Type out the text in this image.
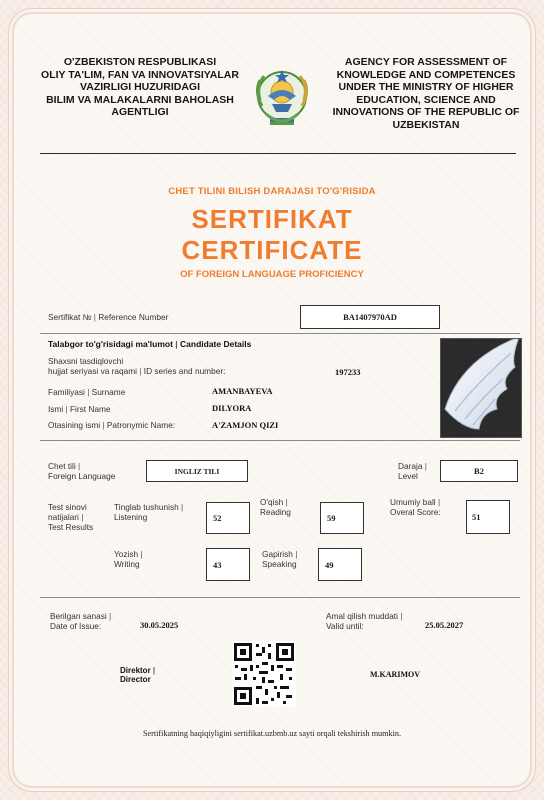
O'ZBEKISTON RESPUBLIKASI
OLIY TA'LIM, FAN VA INNOVATSIYALAR
VAZIRLIGI HUZURIDAGI
BILIM VA MALAKALARNI BAHOLASH
AGENTLIGI
AGENCY FOR ASSESSMENT OF
KNOWLEDGE AND COMPETENCES
UNDER THE MINISTRY OF HIGHER
EDUCATION, SCIENCE AND
INNOVATIONS OF THE REPUBLIC OF
UZBEKISTAN
CHET TILINI BILISH DARAJASI TO'G'RISIDA
SERTIFIKAT
CERTIFICATE
OF FOREIGN LANGUAGE PROFICIENCY
Sertifikat № | Reference Number	BA1407970AD
Talabgor to'g'risidagi ma'lumot | Candidate Details
Shaxsni tasdiqlovchi
hujjat seriyasi va raqami | ID series and number:	197233
Familiyasi | Surname	AMANBAYEVA
Ismi | First Name	DILYORA
Otasining ismi | Patronymic Name:	A'ZAMJON QIZI
Chet tili |
Foreign Language	INGLIZ TILI	Daraja |
Level	B2
Test sinovi
natijalari |
Test Results
Tinglab tushunish |
Listening	52
O'qish |
Reading
59
Umumiy ball |
Overal Score:	51
Yozish |
Writing	43
Gapirish |
Speaking	49
Berilgan sanasi |
Date of Issue:	30.05.2025
Amal qilish muddati |
Valid until:	25.05.2027
Direktor |
Director
M.KARIMOV
Sertifikatning haqiqiyligini sertifikat.uzbmb.uz sayti orqali tekshirish mumkin.
